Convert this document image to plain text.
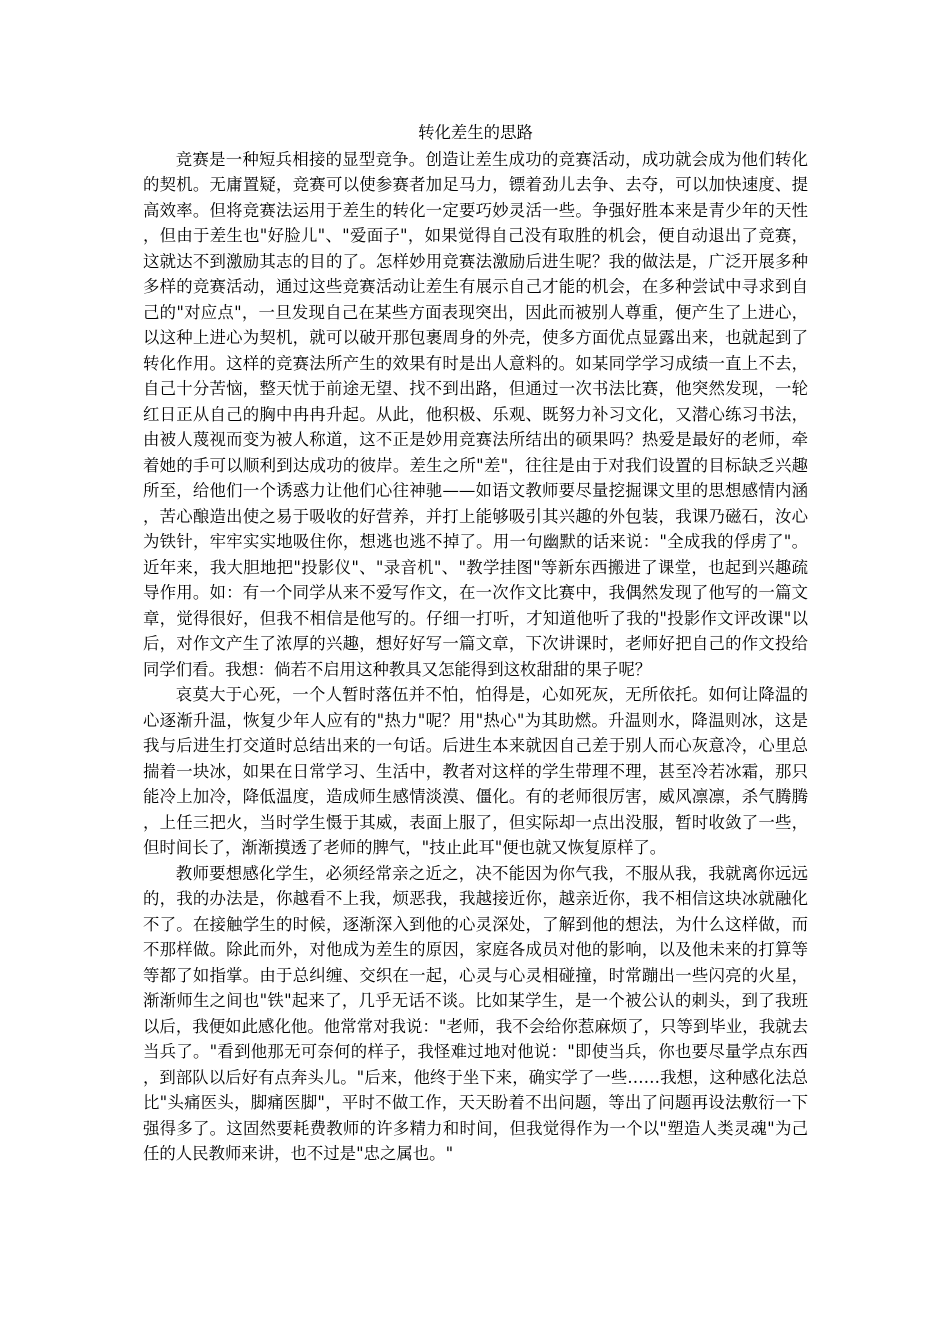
转化差生的思路

竞赛是一种短兵相接的显型竞争。创造让差生成功的竞赛活动，成功就会成为他们转化的契机。无庸置疑，竞赛可以使参赛者加足马力，镖着劲儿去争、去夺，可以加快速度、提高效率。但将竞赛法运用于差生的转化一定要巧妙灵活一些。争强好胜本来是青少年的天性，但由于差生也"好脸儿"、"爱面子"，如果觉得自己没有取胜的机会，便自动退出了竞赛，这就达不到激励其志的目的了。怎样妙用竞赛法激励后进生呢？我的做法是，广泛开展多种多样的竞赛活动，通过这些竞赛活动让差生有展示自己才能的机会，在多种尝试中寻求到自己的"对应点"，一旦发现自己在某些方面表现突出，因此而被别人尊重，便产生了上进心，以这种上进心为契机，就可以破开那包裹周身的外壳，使多方面优点显露出来，也就起到了转化作用。这样的竞赛法所产生的效果有时是出人意料的。如某同学学习成绩一直上不去，自己十分苦恼，整天忧于前途无望、找不到出路，但通过一次书法比赛，他突然发现，一轮红日正从自己的胸中冉冉升起。从此，他积极、乐观、既努力补习文化，又潜心练习书法，由被人蔑视而变为被人称道，这不正是妙用竞赛法所结出的硕果吗？热爱是最好的老师，牵着她的手可以顺利到达成功的彼岸。差生之所"差"，往往是由于对我们设置的目标缺乏兴趣所至，给他们一个诱惑力让他们心往神驰——如语文教师要尽量挖掘课文里的思想感情内涵，苦心酿造出使之易于吸收的好营养，并打上能够吸引其兴趣的外包装，我课乃磁石，汝心为铁针，牢牢实实地吸住你，想逃也逃不掉了。用一句幽默的话来说："全成我的俘虏了"。近年来，我大胆地把"投影仪"、"录音机"、"教学挂图"等新东西搬进了课堂，也起到兴趣疏导作用。如：有一个同学从来不爱写作文，在一次作文比赛中，我偶然发现了他写的一篇文章，觉得很好，但我不相信是他写的。仔细一打听，才知道他听了我的"投影作文评改课"以后，对作文产生了浓厚的兴趣，想好好写一篇文章，下次讲课时，老师好把自己的作文投给同学们看。我想：倘若不启用这种教具又怎能得到这枚甜甜的果子呢？

哀莫大于心死，一个人暂时落伍并不怕，怕得是，心如死灰，无所依托。如何让降温的心逐渐升温，恢复少年人应有的"热力"呢？用"热心"为其助燃。升温则水，降温则冰，这是我与后进生打交道时总结出来的一句话。后进生本来就因自己差于别人而心灰意冷，心里总揣着一块冰，如果在日常学习、生活中，教者对这样的学生带理不理，甚至冷若冰霜，那只能冷上加冷，降低温度，造成师生感情淡漠、僵化。有的老师很厉害，威风凛凛，杀气腾腾，上任三把火，当时学生慑于其威，表面上服了，但实际却一点出没服，暂时收敛了一些，但时间长了，渐渐摸透了老师的脾气，"技止此耳"便也就又恢复原样了。

教师要想感化学生，必须经常亲之近之，决不能因为你气我，不服从我，我就离你远远的，我的办法是，你越看不上我，烦恶我，我越接近你，越亲近你，我不相信这块冰就融化不了。在接触学生的时候，逐渐深入到他的心灵深处，了解到他的想法，为什么这样做，而不那样做。除此而外，对他成为差生的原因，家庭各成员对他的影响，以及他未来的打算等等都了如指掌。由于总纠缠、交织在一起，心灵与心灵相碰撞，时常蹦出一些闪亮的火星，渐渐师生之间也"铁"起来了，几乎无话不谈。比如某学生，是一个被公认的刺头，到了我班以后，我便如此感化他。他常常对我说："老师，我不会给你惹麻烦了，只等到毕业，我就去当兵了。"看到他那无可奈何的样子，我怪难过地对他说："即使当兵，你也要尽量学点东西，到部队以后好有点奔头儿。"后来，他终于坐下来，确实学了一些……我想，这种感化法总比"头痛医头，脚痛医脚"，平时不做工作，天天盼着不出问题，等出了问题再设法敷衍一下强得多了。这固然要耗费教师的许多精力和时间，但我觉得作为一个以"塑造人类灵魂"为己任的人民教师来讲，也不过是"忠之属也。"
